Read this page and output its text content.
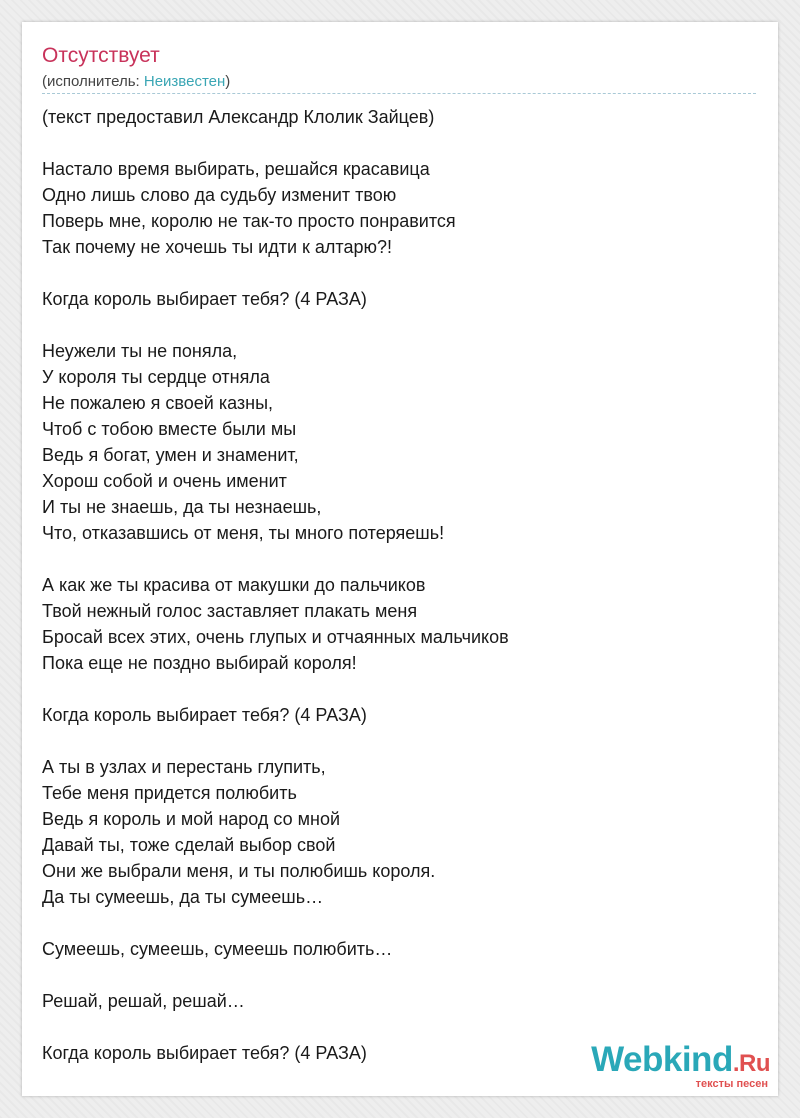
Отсутствует
(исполнитель: Неизвестен)
(текст предоставил Александр Клолик Зайцев)
Настало время выбирать, решайся красавица
Одно лишь слово да судьбу изменит твою
Поверь мне, королю не так-то просто понравится
Так почему не хочешь ты идти к алтарю?!
Когда король выбирает тебя? (4 РАЗА)
Неужели ты не поняла,
У короля ты сердце отняла
Не пожалею я своей казны,
Чтоб с тобою вместе были мы
Ведь я богат, умен и знаменит,
Хорош собой и очень именит
И ты не знаешь, да ты незнаешь,
Что, отказавшись от меня, ты много потеряешь!
А как же ты красива от макушки до пальчиков
Твой нежный голос заставляет плакать меня
Бросай всех этих, очень глупых и отчаянных мальчиков
Пока еще не поздно выбирай короля!
Когда король выбирает тебя? (4 РАЗА)
А ты в узлах и перестань глупить,
Тебе меня придется полюбить
Ведь я король и мой народ со мной
Давай ты, тоже сделай выбор свой
Они же выбрали меня, и ты полюбишь короля.
Да ты сумеешь, да ты сумеешь…
Сумеешь, сумеешь, сумеешь полюбить…
Решай, решай, решай…
Когда король выбирает тебя? (4 РАЗА)	Webkind.Ru
тексты песен
